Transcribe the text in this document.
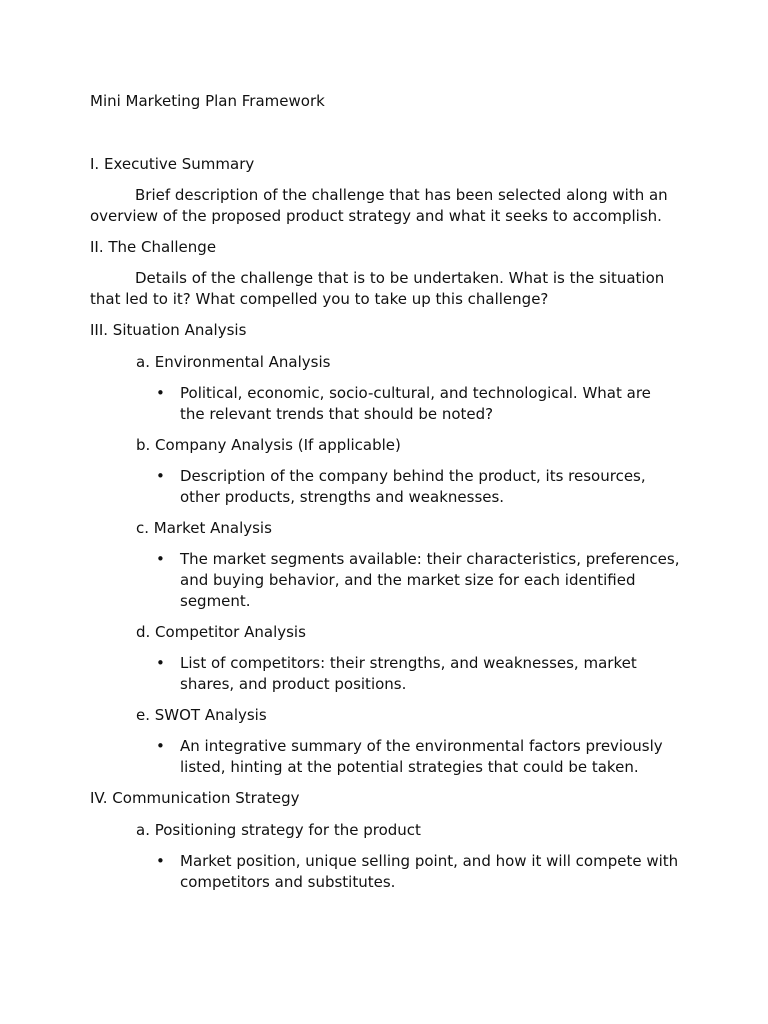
Mini Marketing Plan Framework

I. Executive Summary

Brief description of the challenge that has been selected along with an overview of the proposed product strategy and what it seeks to accomplish.

II. The Challenge

Details of the challenge that is to be undertaken. What is the situation that led to it? What compelled you to take up this challenge?

III. Situation Analysis

a. Environmental Analysis

• Political, economic, socio-cultural, and technological. What are the relevant trends that should be noted?

b. Company Analysis (If applicable)

• Description of the company behind the product, its resources, other products, strengths and weaknesses.

c. Market Analysis

• The market segments available: their characteristics, preferences, and buying behavior, and the market size for each identified segment.

d. Competitor Analysis

• List of competitors: their strengths, and weaknesses, market shares, and product positions.

e. SWOT Analysis

• An integrative summary of the environmental factors previously listed, hinting at the potential strategies that could be taken.

IV. Communication Strategy

a. Positioning strategy for the product

• Market position, unique selling point, and how it will compete with competitors and substitutes.
